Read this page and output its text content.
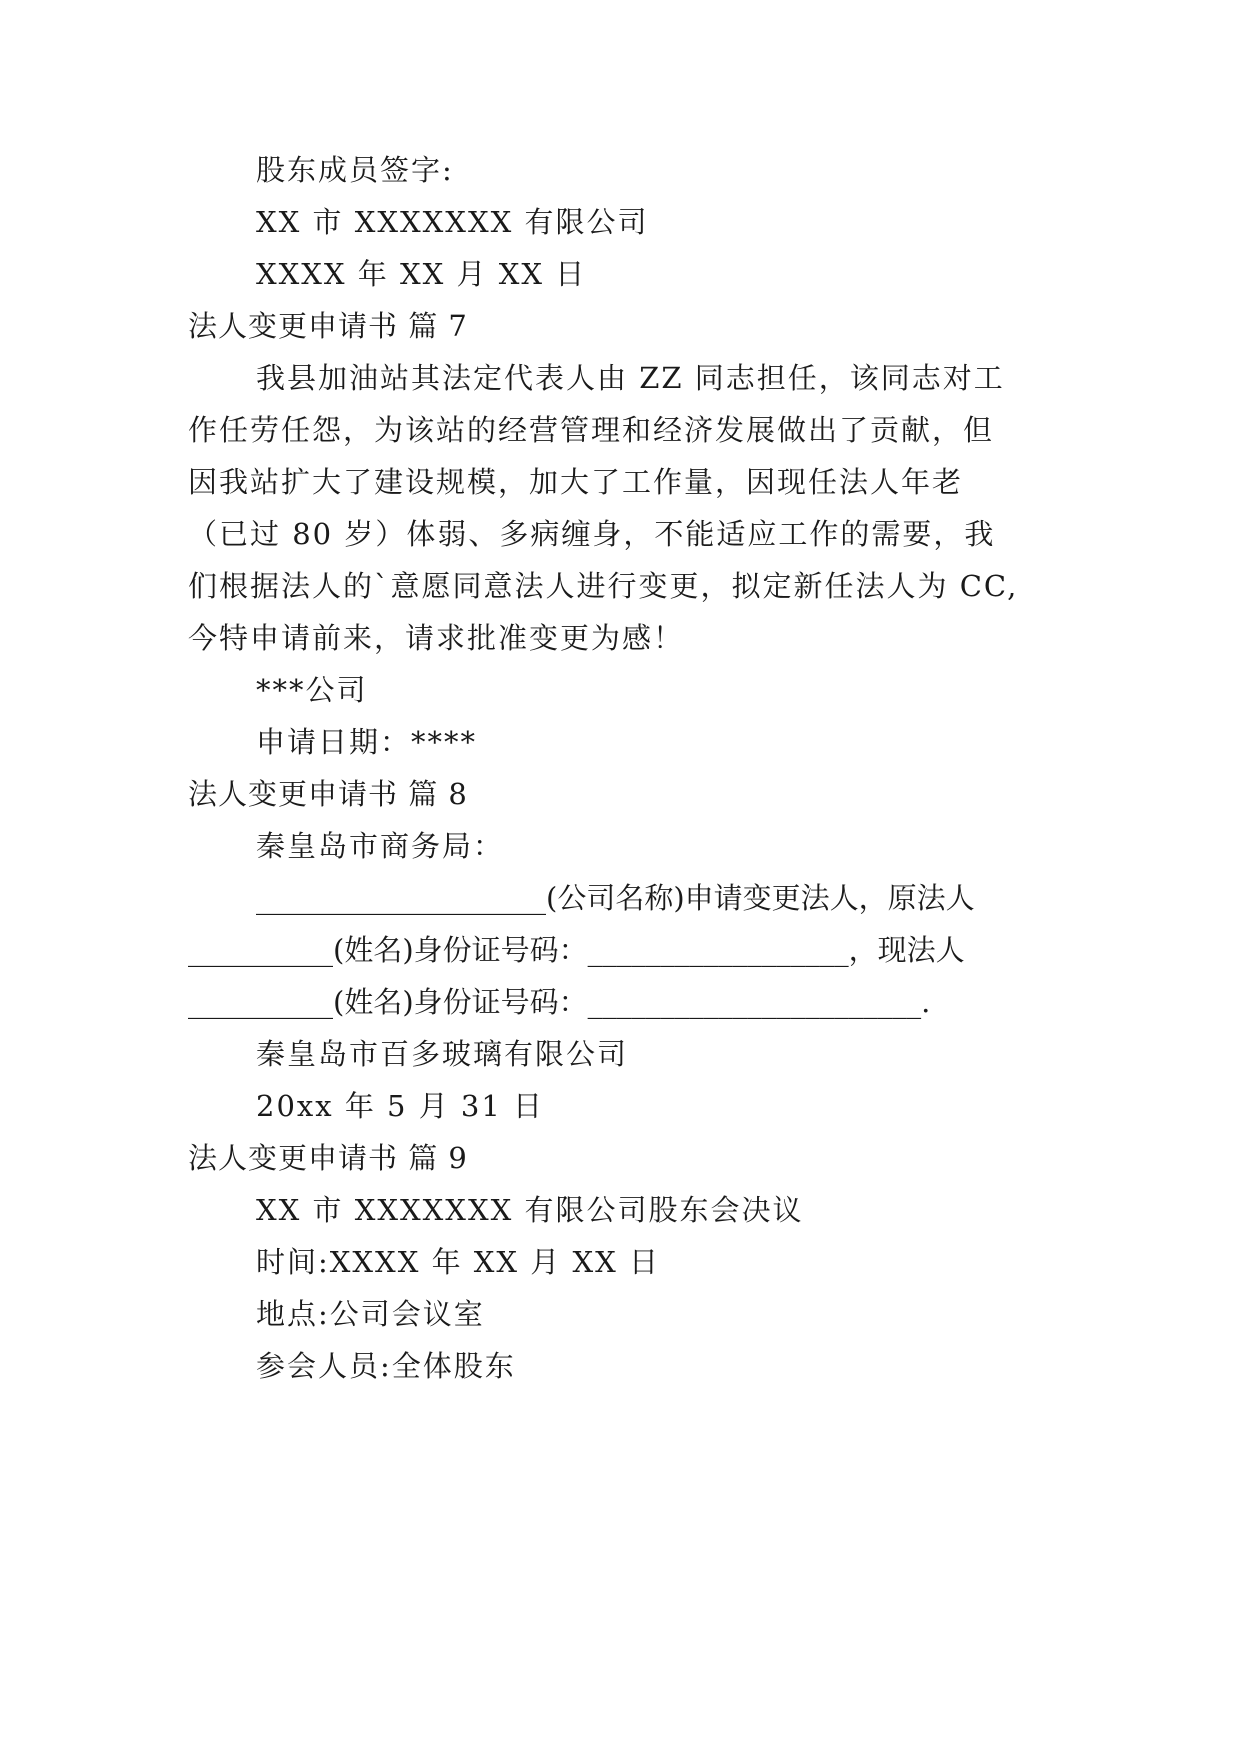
股东成员签字:
XX 市 XXXXXXX 有限公司
XXXX 年 XX 月 XX 日
法人变更申请书 篇 7
我县加油站其法定代表人由 ZZ 同志担任，该同志对工
作任劳任怨，为该站的经营管理和经济发展做出了贡献，但
因我站扩大了建设规模，加大了工作量，因现任法人年老
（已过 80 岁）体弱、多病缠身，不能适应工作的需要，我
们根据法人的`意愿同意法人进行变更，拟定新任法人为 CC,
今特申请前来，请求批准变更为感！
***公司
申请日期：****
法人变更申请书 篇 8
秦皇岛市商务局：
____________________(公司名称)申请变更法人，原法人
__________(姓名)身份证号码：__________________，现法人
__________(姓名)身份证号码：_______________________.
秦皇岛市百多玻璃有限公司
20xx 年 5 月 31 日
法人变更申请书 篇 9
XX 市 XXXXXXX 有限公司股东会决议
时间:XXXX 年 XX 月 XX 日
地点:公司会议室
参会人员:全体股东
